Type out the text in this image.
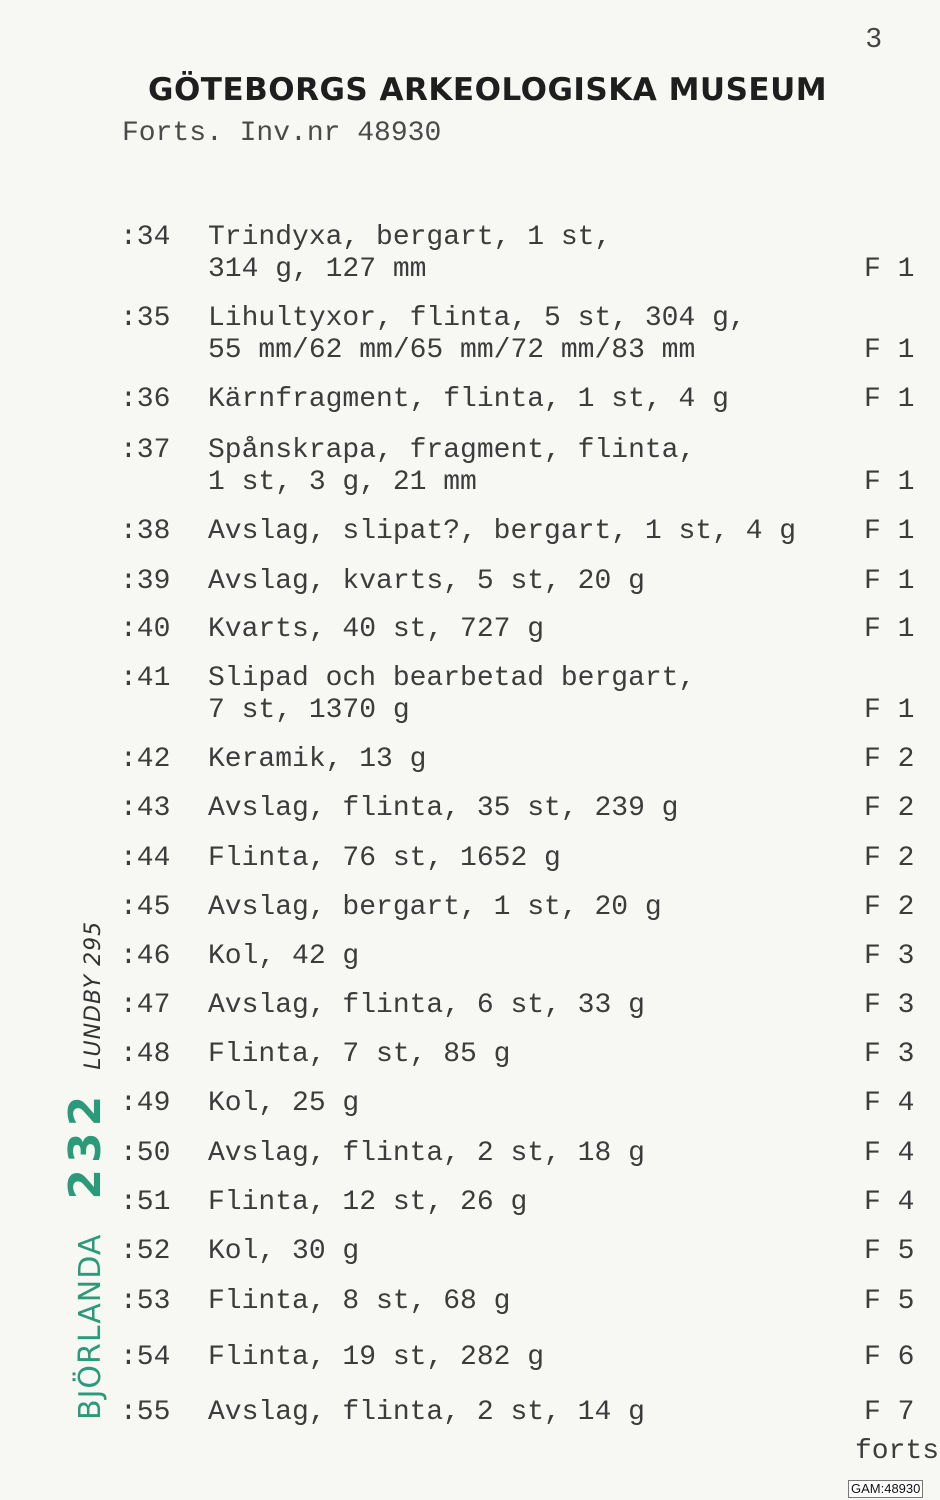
3
GÖTEBORGS ARKEOLOGISKA MUSEUM
Forts. Inv.nr 48930
:34 Trindyxa, bergart, 1 st,
314 g, 127 mm	F 1
:35 Lihultyxor, flinta, 5 st, 304 g,
55 mm/62 mm/65 mm/72 mm/83 mm	F 1
:36 Kärnfragment, flinta, 1 st, 4 g	F 1
:37 Spånskrapa, fragment, flinta,
1 st, 3 g, 21 mm	F 1
:38 Avslag, slipat?, bergart, 1 st, 4 g F 1
:39 Avslag, kvarts, 5 st, 20 g	F 1
:40 Kvarts, 40 st, 727 g	F 1
:41 Slipad och bearbetad bergart,
7 st, 1370 g	F 1
:42 Keramik, 13 g	F 2
:43 Avslag, flinta, 35 st, 239 g	F 2
:44 Flinta, 76 st, 1652 g	F 2
:45 Avslag, bergart, 1 st, 20 g	F 2
:46 Kol, 42 g	F 3
:47 Avslag, flinta, 6 st, 33 g	F 3
:48 Flinta, 7 st, 85 g	F 3
:49 Kol, 25 g	F 4
:50 Avslag, flinta, 2 st, 18 g	F 4
:51 Flinta, 12 st, 26 g	F 4
:52 Kol, 30 g	F 5
:53 Flinta, 8 st, 68 g	F 5
:54 Flinta, 19 st, 282 g	F 6
:55 Avslag, flinta, 2 st, 14 g	F 7
forts
BJÖRLANDA232LUNDBY 295
GAM:48930
